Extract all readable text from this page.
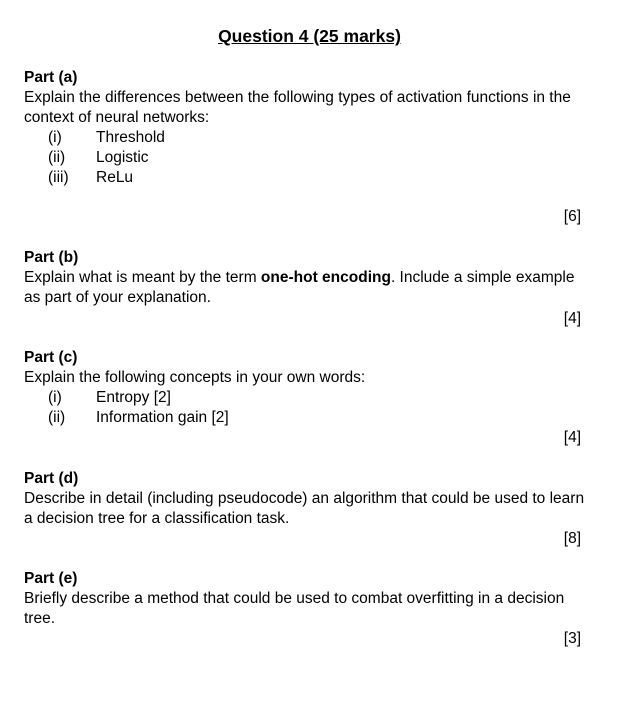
Question 4 (25 marks)
Part (a)
Explain the differences between the following types of activation functions in the context of neural networks:
(i)	Threshold
(ii)	Logistic
(iii)	ReLu
[6]
Part (b)
Explain what is meant by the term one-hot encoding. Include a simple example as part of your explanation.
[4]
Part (c)
Explain the following concepts in your own words:
(i)	Entropy [2]
(ii)	Information gain [2]
[4]
Part (d)
Describe in detail (including pseudocode) an algorithm that could be used to learn a decision tree for a classification task.
[8]
Part (e)
Briefly describe a method that could be used to combat overfitting in a decision tree.
[3]
